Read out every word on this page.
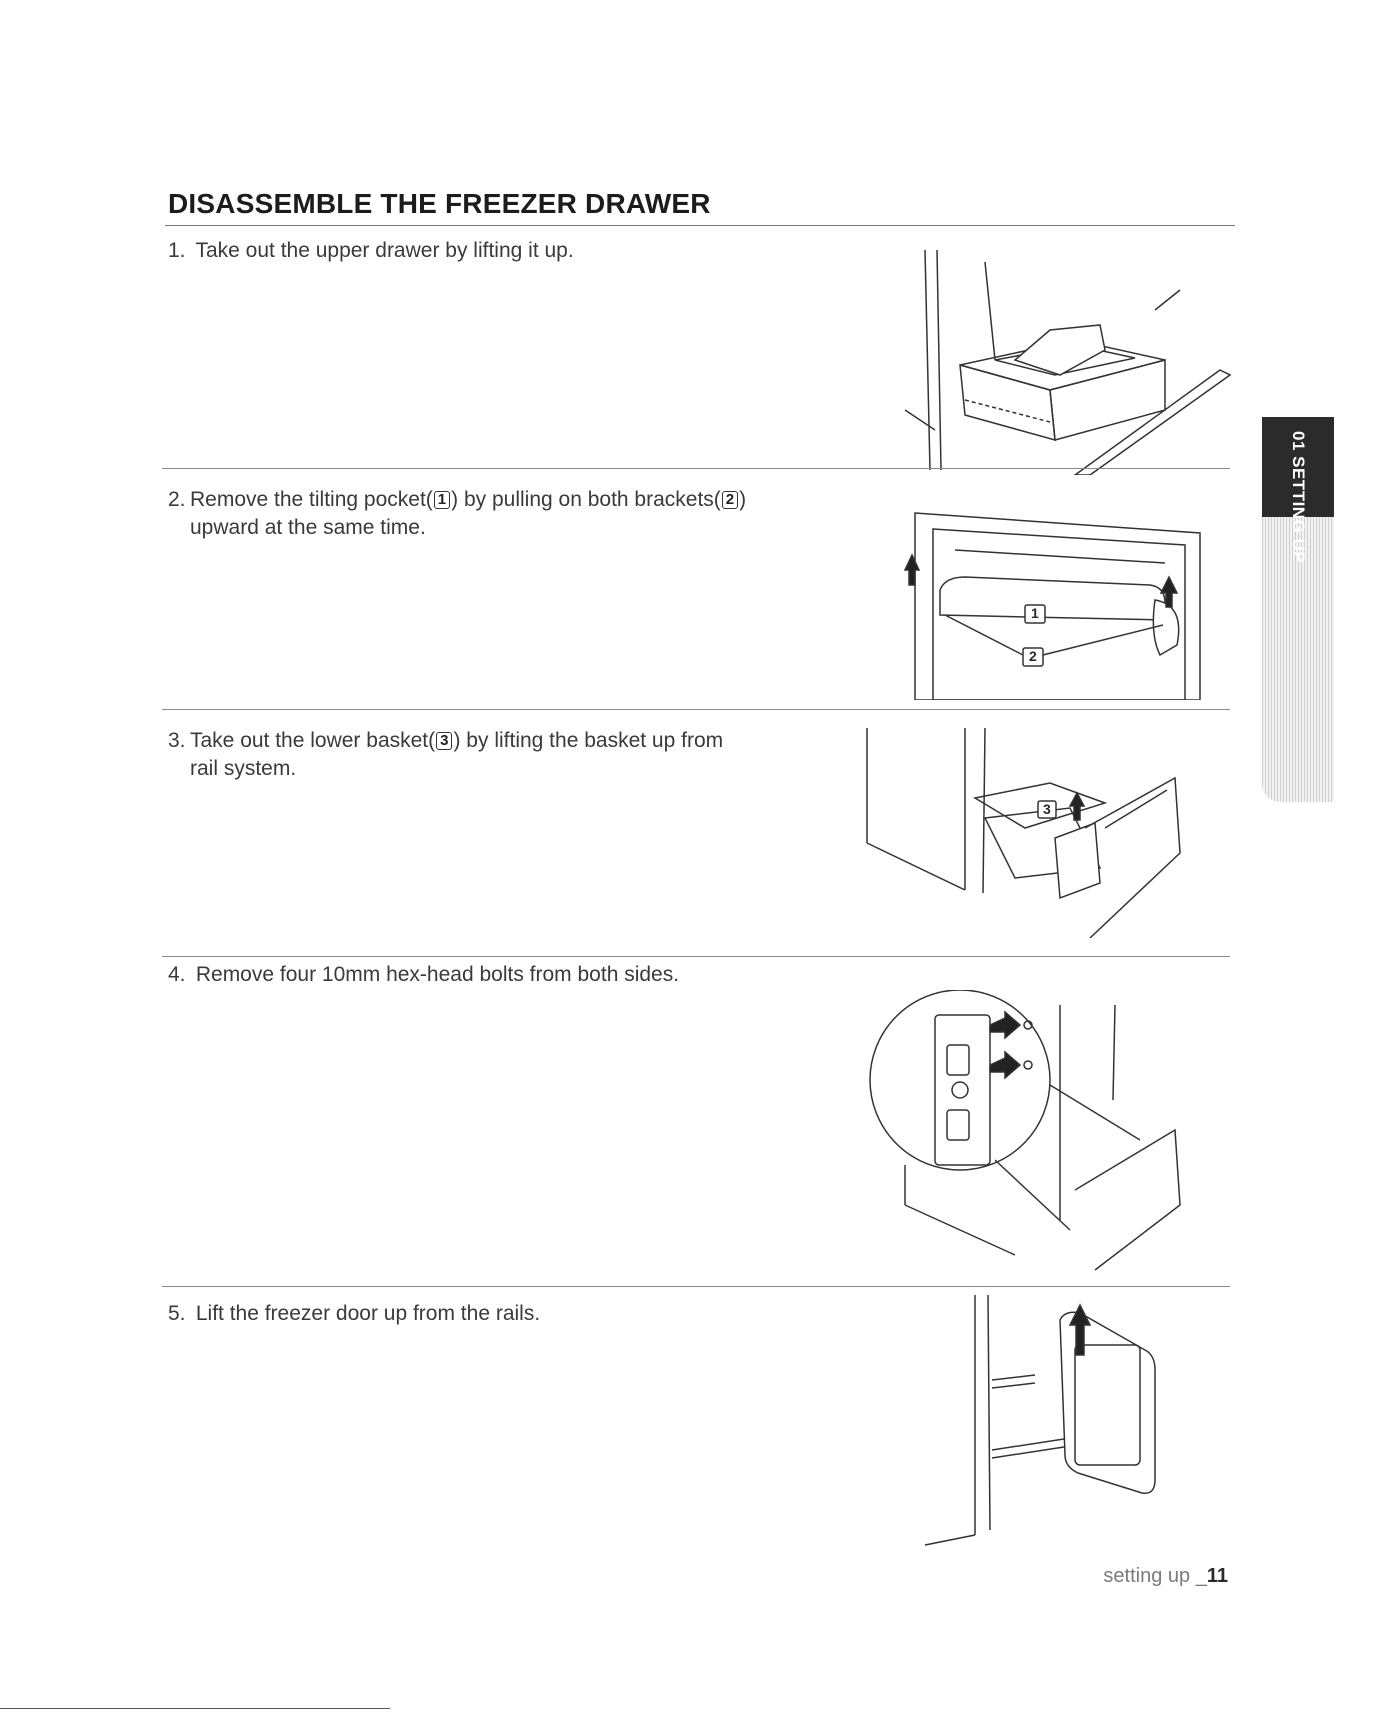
DISASSEMBLE THE FREEZER DRAWER
1. Take out the upper drawer by lifting it up.
2. Remove the tilting pocket( 1 ) by pulling on both brackets( 2 )
upward at the same time.
1
2
3. Take out the lower basket( 3 ) by lifting the basket up from
rail system.
3
4. Remove four 10mm hex-head bolts from both sides.
5. Lift the freezer door up from the rails.
01 SETTING UP
setting up _11
